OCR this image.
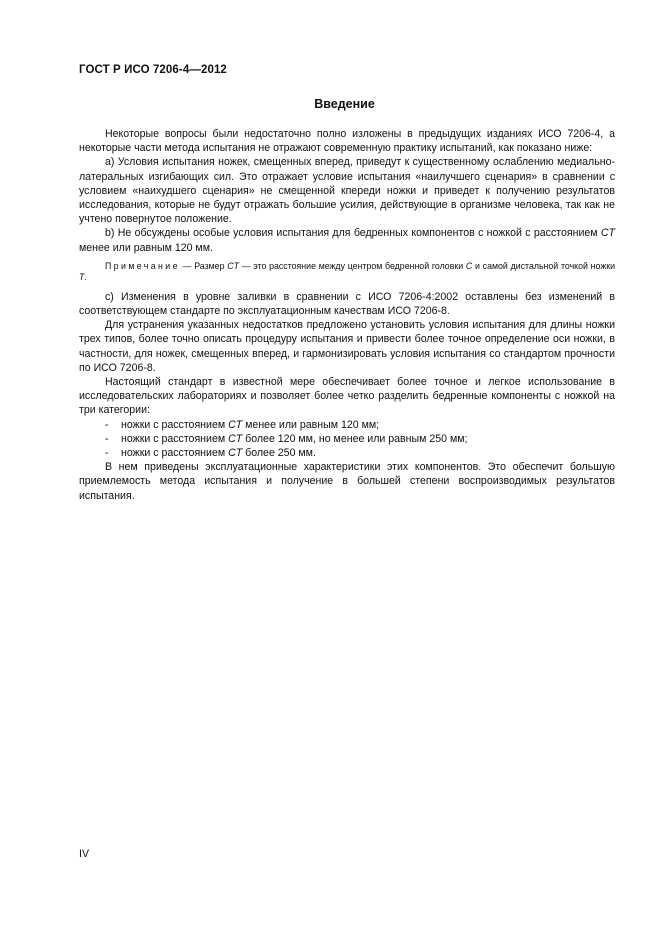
ГОСТ Р ИСО 7206-4—2012
Введение

Некоторые вопросы были недостаточно полно изложены в предыдущих изданиях ИСО 7206-4, а некоторые части метода испытания не отражают современную практику испытаний, как показано ниже:

a) Условия испытания ножек, смещенных вперед, приведут к существенному ослаблению медиально-латеральных изгибающих сил. Это отражает условие испытания «наилучшего сценария» в сравнении с условием «наихудшего сценария» не смещенной кпереди ножки и приведет к получению результатов исследования, которые не будут отражать большие усилия, действующие в организме человека, так как не учтено повернутое положение.

b) Не обсуждены особые условия испытания для бедренных компонентов с ножкой с расстоянием CT менее или равным 120 мм.

Примечание — Размер CT — это расстояние между центром бедренной головки C и самой дистальной точкой ножки T.

c) Изменения в уровне заливки в сравнении с ИСО 7206-4:2002 оставлены без изменений в соответствующем стандарте по эксплуатационным качествам ИСО 7206-8.

Для устранения указанных недостатков предложено установить условия испытания для длины ножки трех типов, более точно описать процедуру испытания и привести более точное определение оси ножки, в частности, для ножек, смещенных вперед, и гармонизировать условия испытания со стандартом прочности по ИСО 7206-8.

Настоящий стандарт в известной мере обеспечивает более точное и легкое использование в исследовательских лабораториях и позволяет более четко разделить бедренные компоненты с ножкой на три категории:

- ножки с расстоянием CT менее или равным 120 мм;
- ножки с расстоянием CT более 120 мм, но менее или равным 250 мм;
- ножки с расстоянием CT более 250 мм.

В нем приведены эксплуатационные характеристики этих компонентов. Это обеспечит большую приемлемость метода испытания и получение в большей степени воспроизводимых результатов испытания.

IV
